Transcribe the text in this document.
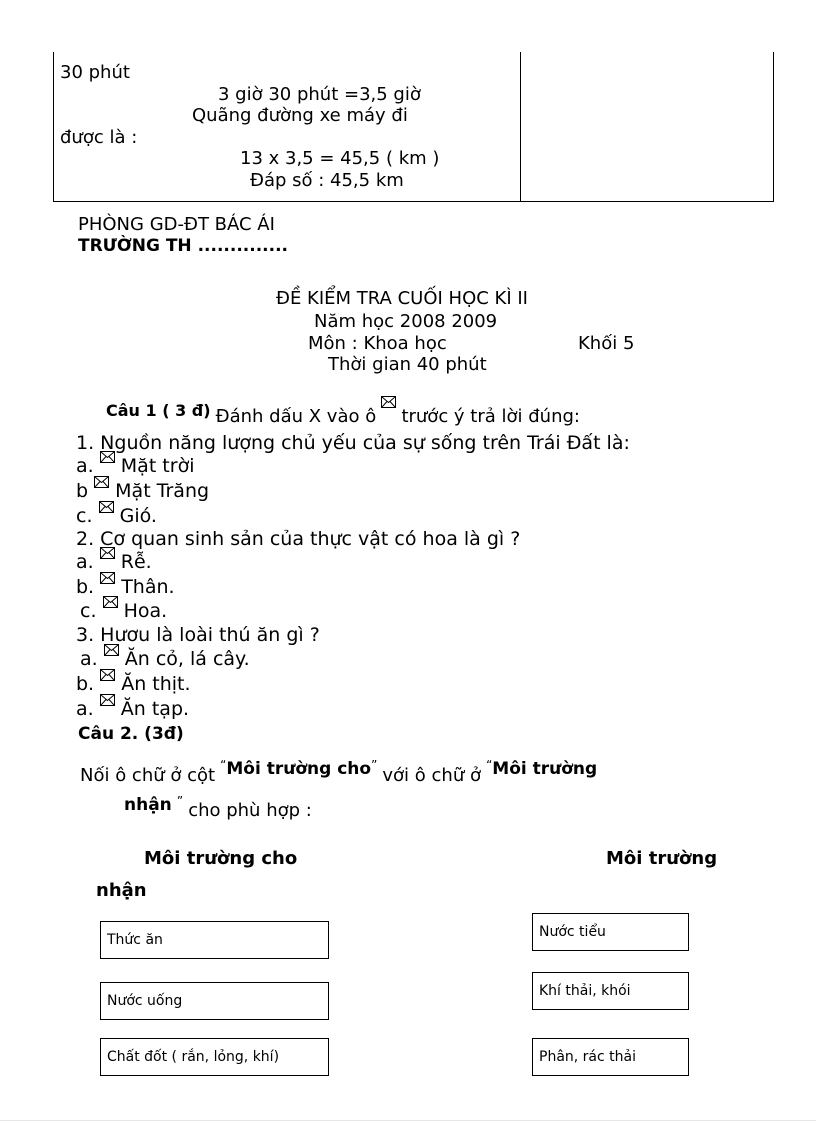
30 phút
3 giờ 30 phút =3,5 giờ
Quãng đường xe máy đi
được là :
13 x 3,5 = 45,5 ( km )
Đáp số : 45,5 km
PHÒNG GD-ĐT BÁC ÁI
TRƯỜNG TH ..............
ĐỀ KIỂM TRA CUỐI HỌC KÌ II
Năm học 2008 2009
Môn : Khoa học	Khối 5
Thời gian 40 phút
Câu 1 ( 3 đ) Đánh dấu X vào ô trước ý trả lời đúng:
1. Nguồn năng lượng chủ yếu của sự sống trên Trái Đất là:
a. Mặt trời
b Mặt Trăng
c. Gió.
2. Cơ quan sinh sản của thực vật có hoa là gì ?
a. Rễ.
b. Thân.
c. Hoa.
3. Hươu là loài thú ăn gì ?
a. Ăn cỏ, lá cây.
b. Ăn thịt.
a. Ăn tạp.
Câu 2. (3đ)
Nối ô chữ ở cột “Môi trường cho” với ô chữ ở “Môi trường
nhận ” cho phù hợp :
Môi trường cho	Môi trường
nhận
Thức ăn
Nước uống
Chất đốt ( rắn, lỏng, khí)
Nước tiểu
Khí thải, khói
Phân, rác thải
